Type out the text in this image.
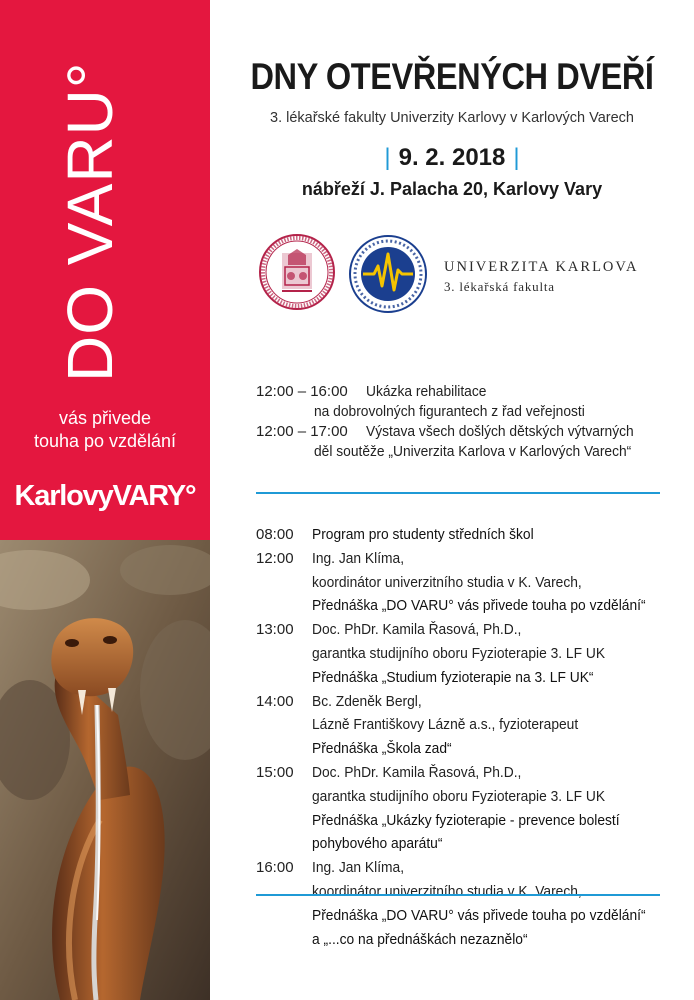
DO VARU°
vás přivede
touha po vzdělání
KarlovyVARY°
DNY OTEVŘENÝCH DVEŘÍ
3. lékařské fakulty Univerzity Karlovy v Karlových Varech
| 9. 2. 2018 |
nábřeží J. Palacha 20, Karlovy Vary
UNIVERZITA KARLOVA
3. lékařská fakulta
12:00 – 16:00 Ukázka rehabilitace
na dobrovolných figurantech z řad veřejnosti
12:00 – 17:00 Výstava všech došlých dětských výtvarných
děl soutěže „Univerzita Karlova v Karlových Varech“
08:00 Program pro studenty středních škol
12:00 Ing. Jan Klíma,
koordinátor univerzitního studia v K. Varech,
Přednáška „DO VARU° vás přivede touha po vzdělání“
13:00 Doc. PhDr. Kamila Řasová, Ph.D.,
garantka studijního oboru Fyzioterapie 3. LF UK
Přednáška „Studium fyzioterapie na 3. LF UK“
14:00 Bc. Zdeněk Bergl,
Lázně Františkovy Lázně a.s., fyzioterapeut
Přednáška „Škola zad“
15:00 Doc. PhDr. Kamila Řasová, Ph.D.,
garantka studijního oboru Fyzioterapie 3. LF UK
Přednáška „Ukázky fyzioterapie - prevence bolestí
pohybového aparátu“
16:00 Ing. Jan Klíma,
koordinátor univerzitního studia v K. Varech,
Přednáška „DO VARU° vás přivede touha po vzdělání“
a „...co na přednáškách nezaznělo“
